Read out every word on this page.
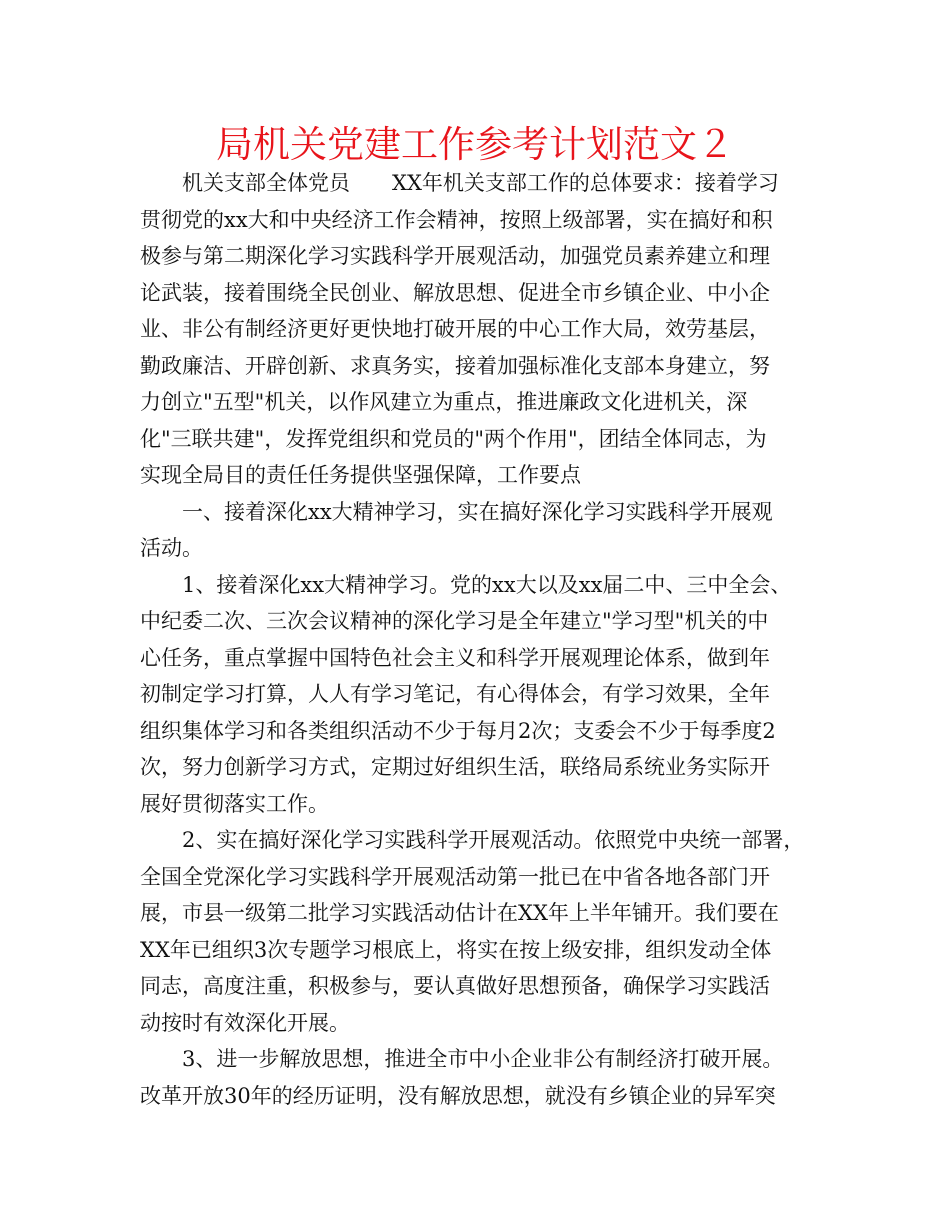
局机关党建工作参考计划范文２
机关支部全体党员　　XX年机关支部工作的总体要求：接着学习
贯彻党的xx大和中央经济工作会精神，按照上级部署，实在搞好和积
极参与第二期深化学习实践科学开展观活动，加强党员素养建立和理
论武装，接着围绕全民创业、解放思想、促进全市乡镇企业、中小企
业、非公有制经济更好更快地打破开展的中心工作大局，效劳基层，
勤政廉洁、开辟创新、求真务实，接着加强标准化支部本身建立，努
力创立"五型"机关，以作风建立为重点，推进廉政文化进机关，深
化"三联共建"，发挥党组织和党员的"两个作用"，团结全体同志，为
实现全局目的责任任务提供坚强保障，工作要点
一、接着深化xx大精神学习，实在搞好深化学习实践科学开展观
活动。
1、接着深化xx大精神学习。党的xx大以及xx届二中、三中全会、
中纪委二次、三次会议精神的深化学习是全年建立"学习型"机关的中
心任务，重点掌握中国特色社会主义和科学开展观理论体系，做到年
初制定学习打算，人人有学习笔记，有心得体会，有学习效果，全年
组织集体学习和各类组织活动不少于每月2次；支委会不少于每季度2
次，努力创新学习方式，定期过好组织生活，联络局系统业务实际开
展好贯彻落实工作。
2、实在搞好深化学习实践科学开展观活动。依照党中央统一部署，
全国全党深化学习实践科学开展观活动第一批已在中省各地各部门开
展，市县一级第二批学习实践活动估计在XX年上半年铺开。我们要在
XX年已组织3次专题学习根底上，将实在按上级安排，组织发动全体
同志，高度注重，积极参与，要认真做好思想预备，确保学习实践活
动按时有效深化开展。
3、进一步解放思想，推进全市中小企业非公有制经济打破开展。
改革开放30年的经历证明，没有解放思想，就没有乡镇企业的异军突
